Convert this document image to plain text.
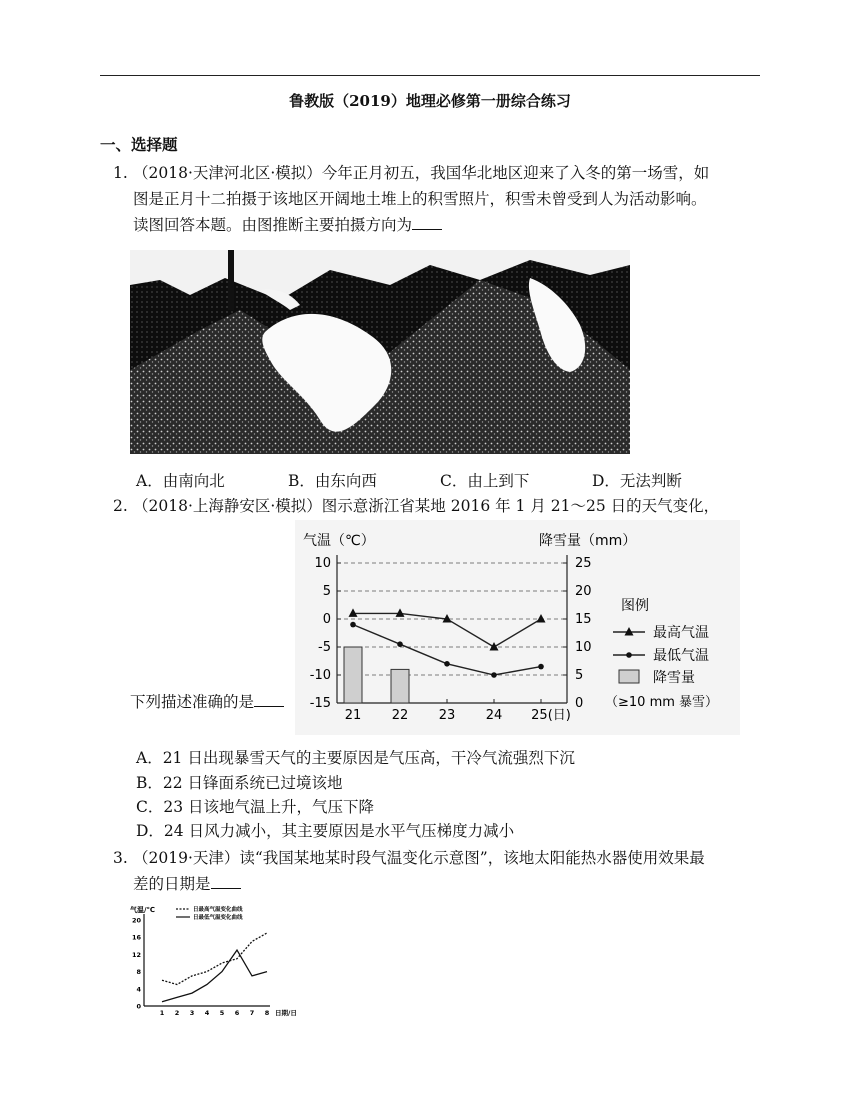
鲁教版（2019）地理必修第一册综合练习
一、选择题
1. （2018·天津河北区·模拟）今年正月初五，我国华北地区迎来了入冬的第一场雪，如
图是正月十二拍摄于该地区开阔地土堆上的积雪照片，积雪未曾受到人为活动影响。
读图回答本题。由图推断主要拍摄方向为
A．由南向北	B．由东向西	C．由上到下	D．无法判断
2. （2018·上海静安区·模拟）图示意浙江省某地 2016 年 1 月 21～25 日的天气变化，
气温（℃）	降雪量（mm）
10
5
0
-5
-10
-15
25
20
15
10
5
0
21 22 23 24 25(日)
图例
最高气温
最低气温
降雪量
（≥10 mm 暴雪）
下列描述准确的是
A．21 日出现暴雪天气的主要原因是气压高，干冷气流强烈下沉
B．22 日锋面系统已过境该地
C．23 日该地气温上升，气压下降
D．24 日风力减小，其主要原因是水平气压梯度力减小
3. （2019·天津）读“我国某地某时段气温变化示意图”，该地太阳能热水器使用效果最
差的日期是
气温/℃	日最高气温变化曲线
日最低气温变化曲线
20
16
12
8
4
0
1 2 3 4 5 6 7 8 日期/日
